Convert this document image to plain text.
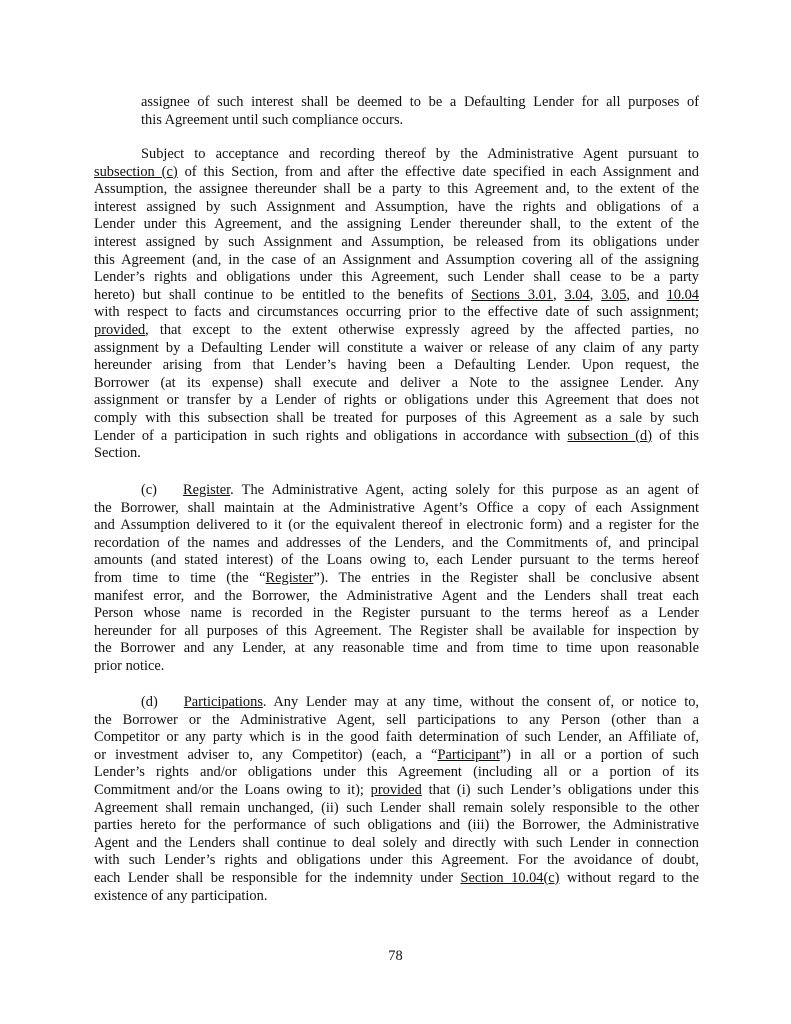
assignee of such interest shall be deemed to be a Defaulting Lender for all purposes of
this Agreement until such compliance occurs.
Subject to acceptance and recording thereof by the Administrative Agent pursuant to
subsection (c) of this Section, from and after the effective date specified in each Assignment and
Assumption, the assignee thereunder shall be a party to this Agreement and, to the extent of the
interest assigned by such Assignment and Assumption, have the rights and obligations of a
Lender under this Agreement, and the assigning Lender thereunder shall, to the extent of the
interest assigned by such Assignment and Assumption, be released from its obligations under
this Agreement (and, in the case of an Assignment and Assumption covering all of the assigning
Lender’s rights and obligations under this Agreement, such Lender shall cease to be a party
hereto) but shall continue to be entitled to the benefits of Sections 3.01, 3.04, 3.05, and 10.04
with respect to facts and circumstances occurring prior to the effective date of such assignment;
provided, that except to the extent otherwise expressly agreed by the affected parties, no
assignment by a Defaulting Lender will constitute a waiver or release of any claim of any party
hereunder arising from that Lender’s having been a Defaulting Lender. Upon request, the
Borrower (at its expense) shall execute and deliver a Note to the assignee Lender. Any
assignment or transfer by a Lender of rights or obligations under this Agreement that does not
comply with this subsection shall be treated for purposes of this Agreement as a sale by such
Lender of a participation in such rights and obligations in accordance with subsection (d) of this
Section.
(c) Register. The Administrative Agent, acting solely for this purpose as an agent of
the Borrower, shall maintain at the Administrative Agent’s Office a copy of each Assignment
and Assumption delivered to it (or the equivalent thereof in electronic form) and a register for the
recordation of the names and addresses of the Lenders, and the Commitments of, and principal
amounts (and stated interest) of the Loans owing to, each Lender pursuant to the terms hereof
from time to time (the “Register”). The entries in the Register shall be conclusive absent
manifest error, and the Borrower, the Administrative Agent and the Lenders shall treat each
Person whose name is recorded in the Register pursuant to the terms hereof as a Lender
hereunder for all purposes of this Agreement. The Register shall be available for inspection by
the Borrower and any Lender, at any reasonable time and from time to time upon reasonable
prior notice.
(d) Participations. Any Lender may at any time, without the consent of, or notice to,
the Borrower or the Administrative Agent, sell participations to any Person (other than a
Competitor or any party which is in the good faith determination of such Lender, an Affiliate of,
or investment adviser to, any Competitor) (each, a “Participant”) in all or a portion of such
Lender’s rights and/or obligations under this Agreement (including all or a portion of its
Commitment and/or the Loans owing to it); provided that (i) such Lender’s obligations under this
Agreement shall remain unchanged, (ii) such Lender shall remain solely responsible to the other
parties hereto for the performance of such obligations and (iii) the Borrower, the Administrative
Agent and the Lenders shall continue to deal solely and directly with such Lender in connection
with such Lender’s rights and obligations under this Agreement. For the avoidance of doubt,
each Lender shall be responsible for the indemnity under Section 10.04(c) without regard to the
existence of any participation.
78
